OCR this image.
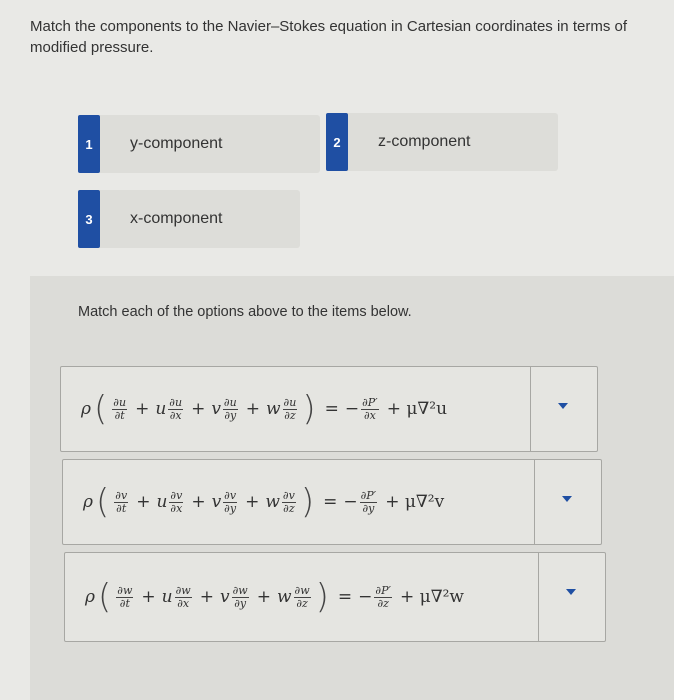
Match the components to the Navier–Stokes equation in Cartesian coordinates in terms of modified pressure.
1	y-component	2	z-component
3	x-component
Match each of the options above to the items below.
ρ ( $\frac{\partial u}{\partial t} + u \frac{\partial u}{\partial x} + v \frac{\partial u}{\partial y} + w \frac{\partial u}{\partial z}$ ) = − $\frac{\partial P'}{\partial x} + \mu\nabla^2u$
ρ ( $\frac{\partial v}{\partial t} + u \frac{\partial v}{\partial x} + v \frac{\partial v}{\partial y} + w \frac{\partial v}{\partial z}$ ) = − $\frac{\partial P'}{\partial y} + \mu\nabla^2v$
ρ ( $\frac{\partial w}{\partial t} + u \frac{\partial w}{\partial x} + v \frac{\partial w}{\partial y} + w \frac{\partial w}{\partial z}$ ) = − $\frac{\partial P'}{\partial z} + \mu\nabla^2w$
